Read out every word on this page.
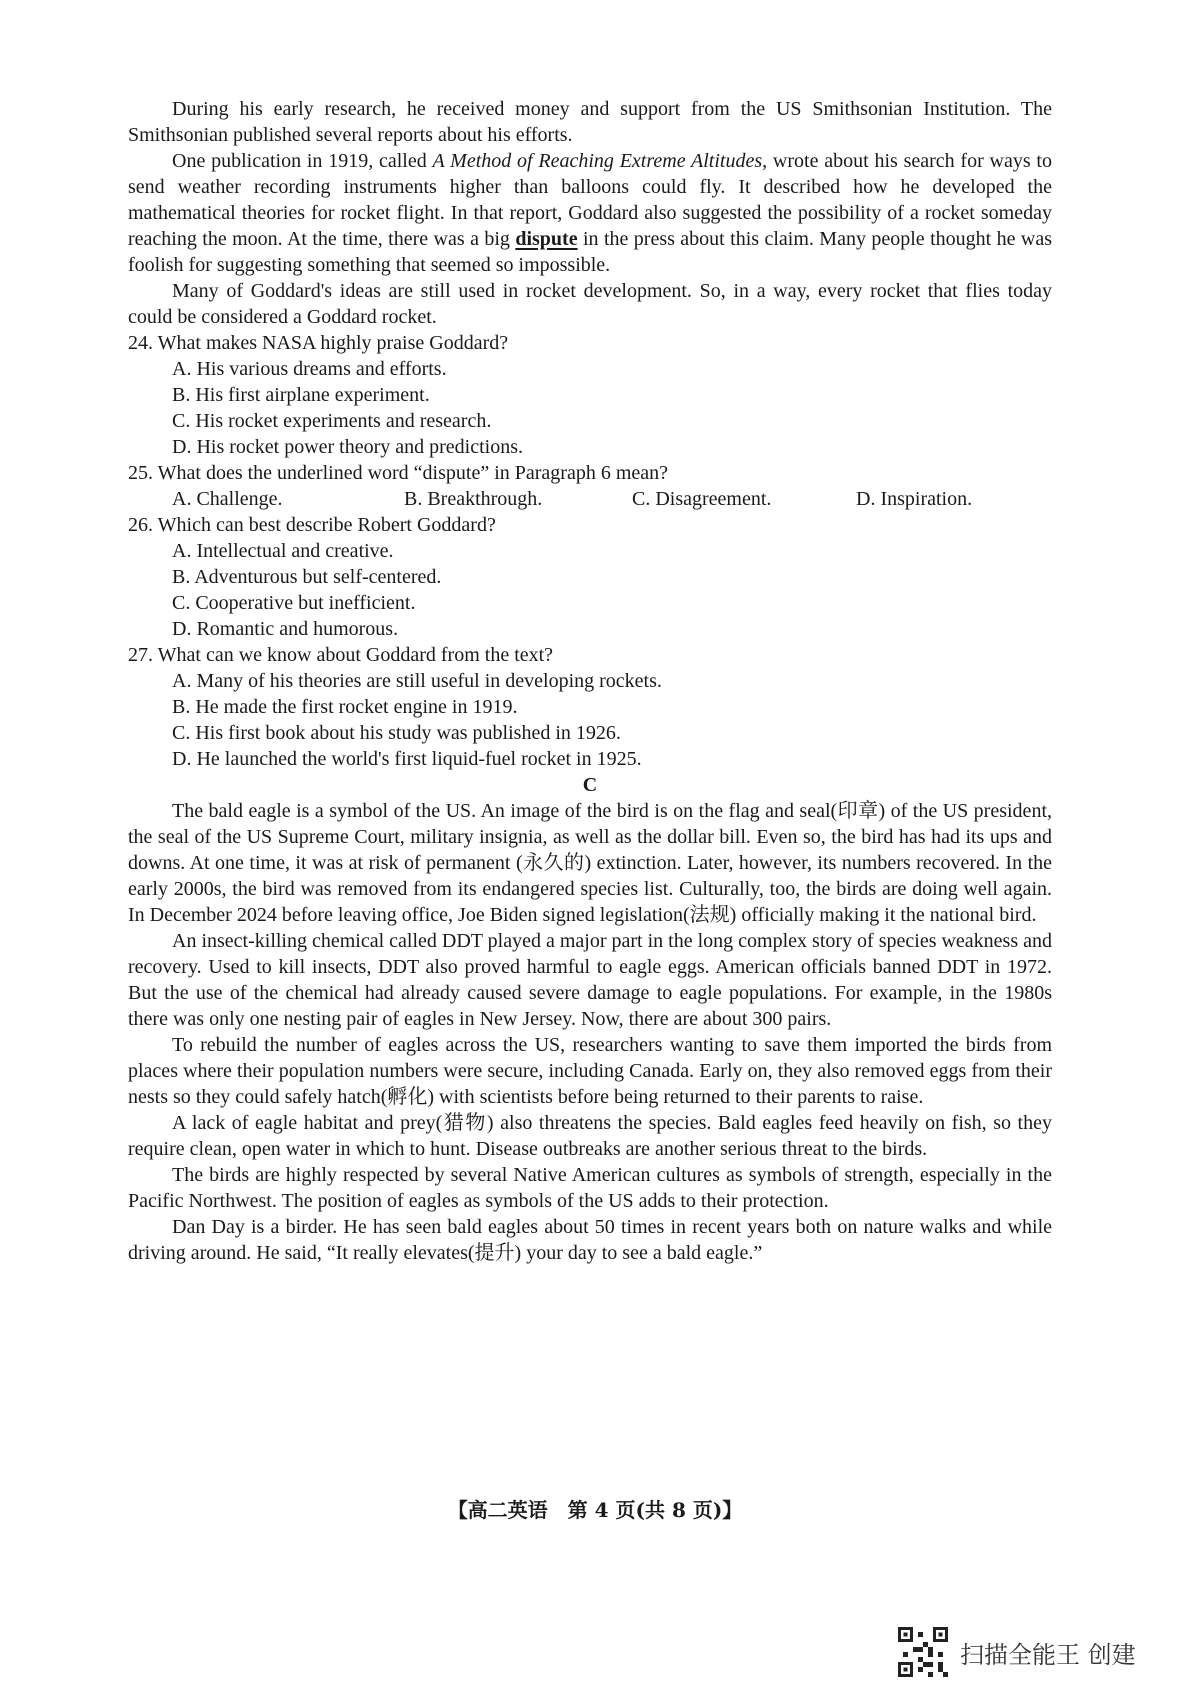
During his early research, he received money and support from the US Smithsonian Institution. The Smithsonian published several reports about his efforts.

One publication in 1919, called A Method of Reaching Extreme Altitudes, wrote about his search for ways to send weather recording instruments higher than balloons could fly. It described how he developed the mathematical theories for rocket flight. In that report, Goddard also suggested the possibility of a rocket someday reaching the moon. At the time, there was a big dispute in the press about this claim. Many people thought he was foolish for suggesting something that seemed so impossible.

Many of Goddard's ideas are still used in rocket development. So, in a way, every rocket that flies today could be considered a Goddard rocket.

24. What makes NASA highly praise Goddard?

A. His various dreams and efforts.

B. His first airplane experiment.

C. His rocket experiments and research.

D. His rocket power theory and predictions.

25. What does the underlined word “dispute” in Paragraph 6 mean?

A. Challenge.	B. Breakthrough.	C. Disagreement.	D. Inspiration.

26. Which can best describe Robert Goddard?

A. Intellectual and creative.

B. Adventurous but self-centered.

C. Cooperative but inefficient.

D. Romantic and humorous.

27. What can we know about Goddard from the text?

A. Many of his theories are still useful in developing rockets.

B. He made the first rocket engine in 1919.

C. His first book about his study was published in 1926.

D. He launched the world's first liquid-fuel rocket in 1925.

C

The bald eagle is a symbol of the US. An image of the bird is on the flag and seal(印章) of the US president, the seal of the US Supreme Court, military insignia, as well as the dollar bill. Even so, the bird has had its ups and downs. At one time, it was at risk of permanent (永久的) extinction. Later, however, its numbers recovered. In the early 2000s, the bird was removed from its endangered species list. Culturally, too, the birds are doing well again. In December 2024 before leaving office, Joe Biden signed legislation(法规) officially making it the national bird.

An insect-killing chemical called DDT played a major part in the long complex story of species weakness and recovery. Used to kill insects, DDT also proved harmful to eagle eggs. American officials banned DDT in 1972. But the use of the chemical had already caused severe damage to eagle populations. For example, in the 1980s there was only one nesting pair of eagles in New Jersey. Now, there are about 300 pairs.

To rebuild the number of eagles across the US, researchers wanting to save them imported the birds from places where their population numbers were secure, including Canada. Early on, they also removed eggs from their nests so they could safely hatch(孵化) with scientists before being returned to their parents to raise.

A lack of eagle habitat and prey(猎物) also threatens the species. Bald eagles feed heavily on fish, so they require clean, open water in which to hunt. Disease outbreaks are another serious threat to the birds.

The birds are highly respected by several Native American cultures as symbols of strength, especially in the Pacific Northwest. The position of eagles as symbols of the US adds to their protection.

Dan Day is a birder. He has seen bald eagles about 50 times in recent years both on nature walks and while driving around. He said, “It really elevates(提升) your day to see a bald eagle.”

【高二英语　第 4 页(共 8 页)】
扫描全能王 创建
